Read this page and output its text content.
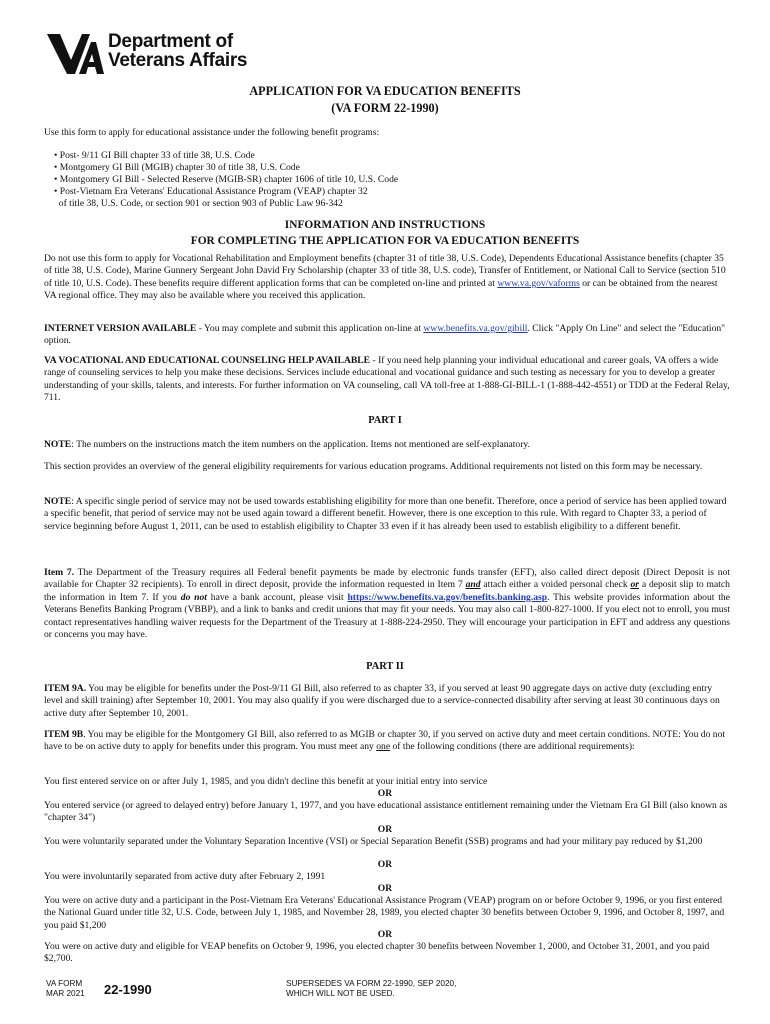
Department of
Veterans Affairs
APPLICATION FOR VA EDUCATION BENEFITS
(VA FORM 22-1990)
Use this form to apply for educational assistance under the following benefit programs:
• Post- 9/11 GI Bill chapter 33 of title 38, U.S. Code
• Montgomery GI Bill (MGIB) chapter 30 of title 38, U.S. Code
• Montgomery GI Bill - Selected Reserve (MGIB-SR) chapter 1606 of title 10, U.S. Code
• Post-Vietnam Era Veterans' Educational Assistance Program (VEAP) chapter 32
of title 38, U.S. Code, or section 901 or section 903 of Public Law 96-342
INFORMATION AND INSTRUCTIONS
FOR COMPLETING THE APPLICATION FOR VA EDUCATION BENEFITS
Do not use this form to apply for Vocational Rehabilitation and Employment benefits (chapter 31 of title 38, U.S. Code), Dependents Educational Assistance benefits (chapter 35 of title 38, U.S. Code), Marine Gunnery Sergeant John David Fry Scholarship (chapter 33 of title 38, U.S. code), Transfer of Entitlement, or National Call to Service (section 510 of title 10, U.S. Code). These benefits require different application forms that can be completed on-line and printed at www.va.gov/vaforms or can be obtained from the nearest VA regional office. They may also be available where you received this application.
INTERNET VERSION AVAILABLE - You may complete and submit this application on-line at www.benefits.va.gov/gibill. Click "Apply On Line" and select the "Education" option.
VA VOCATIONAL AND EDUCATIONAL COUNSELING HELP AVAILABLE - If you need help planning your individual educational and career goals, VA offers a wide range of counseling services to help you make these decisions. Services include educational and vocational guidance and such testing as necessary for you to develop a greater understanding of your skills, talents, and interests. For further information on VA counseling, call VA toll-free at 1-888-GI-BILL-1 (1-888-442-4551) or TDD at the Federal Relay, 711.
PART I
NOTE: The numbers on the instructions match the item numbers on the application. Items not mentioned are self-explanatory.
This section provides an overview of the general eligibility requirements for various education programs. Additional requirements not listed on this form may be necessary.
NOTE: A specific single period of service may not be used towards establishing eligibility for more than one benefit. Therefore, once a period of service has been applied toward a specific benefit, that period of service may not be used again toward a different benefit. However, there is one exception to this rule. With regard to Chapter 33, a period of service beginning before August 1, 2011, can be used to establish eligibility to Chapter 33 even if it has already been used to establish eligibility to a different benefit.
Item 7. The Department of the Treasury requires all Federal benefit payments be made by electronic funds transfer (EFT), also called direct deposit (Direct Deposit is not available for Chapter 32 recipients). To enroll in direct deposit, provide the information requested in Item 7 and attach either a voided personal check or a deposit slip to match the information in Item 7. If you do not have a bank account, please visit https://www.benefits.va.gov/benefits.banking.asp. This website provides information about the Veterans Benefits Banking Program (VBBP), and a link to banks and credit unions that may fit your needs. You may also call 1-800-827-1000. If you elect not to enroll, you must contact representatives handling waiver requests for the Department of the Treasury at 1-888-224-2950. They will encourage your participation in EFT and address any questions or concerns you may have.
PART II
ITEM 9A. You may be eligible for benefits under the Post-9/11 GI Bill, also referred to as chapter 33, if you served at least 90 aggregate days on active duty (excluding entry level and skill training) after September 10, 2001. You may also qualify if you were discharged due to a service-connected disability after serving at least 30 continuous days on active duty after September 10, 2001.
ITEM 9B. You may be eligible for the Montgomery GI Bill, also referred to as MGIB or chapter 30, if you served on active duty and meet certain conditions. NOTE: You do not have to be on active duty to apply for benefits under this program. You must meet any one of the following conditions (there are additional requirements):
You first entered service on or after July 1, 1985, and you didn't decline this benefit at your initial entry into service
OR
You entered service (or agreed to delayed entry) before January 1, 1977, and you have educational assistance entitlement remaining under the Vietnam Era GI Bill (also known as "chapter 34")
OR
You were voluntarily separated under the Voluntary Separation Incentive (VSI) or Special Separation Benefit (SSB) programs and had your military pay reduced by $1,200
OR
You were involuntarily separated from active duty after February 2, 1991
OR
You were on active duty and a participant in the Post-Vietnam Era Veterans' Educational Assistance Program (VEAP) program on or before October 9, 1996, or you first entered the National Guard under title 32, U.S. Code, between July 1, 1985, and November 28, 1989, you elected chapter 30 benefits between October 9, 1996, and October 8, 1997, and you paid $1,200
OR
You were on active duty and eligible for VEAP benefits on October 9, 1996, you elected chapter 30 benefits between November 1, 2000, and October 31, 2001, and you paid $2,700.
VA FORM
MAR 2021 22-1990	SUPERSEDES VA FORM 22-1990, SEP 2020,
WHICH WILL NOT BE USED.
